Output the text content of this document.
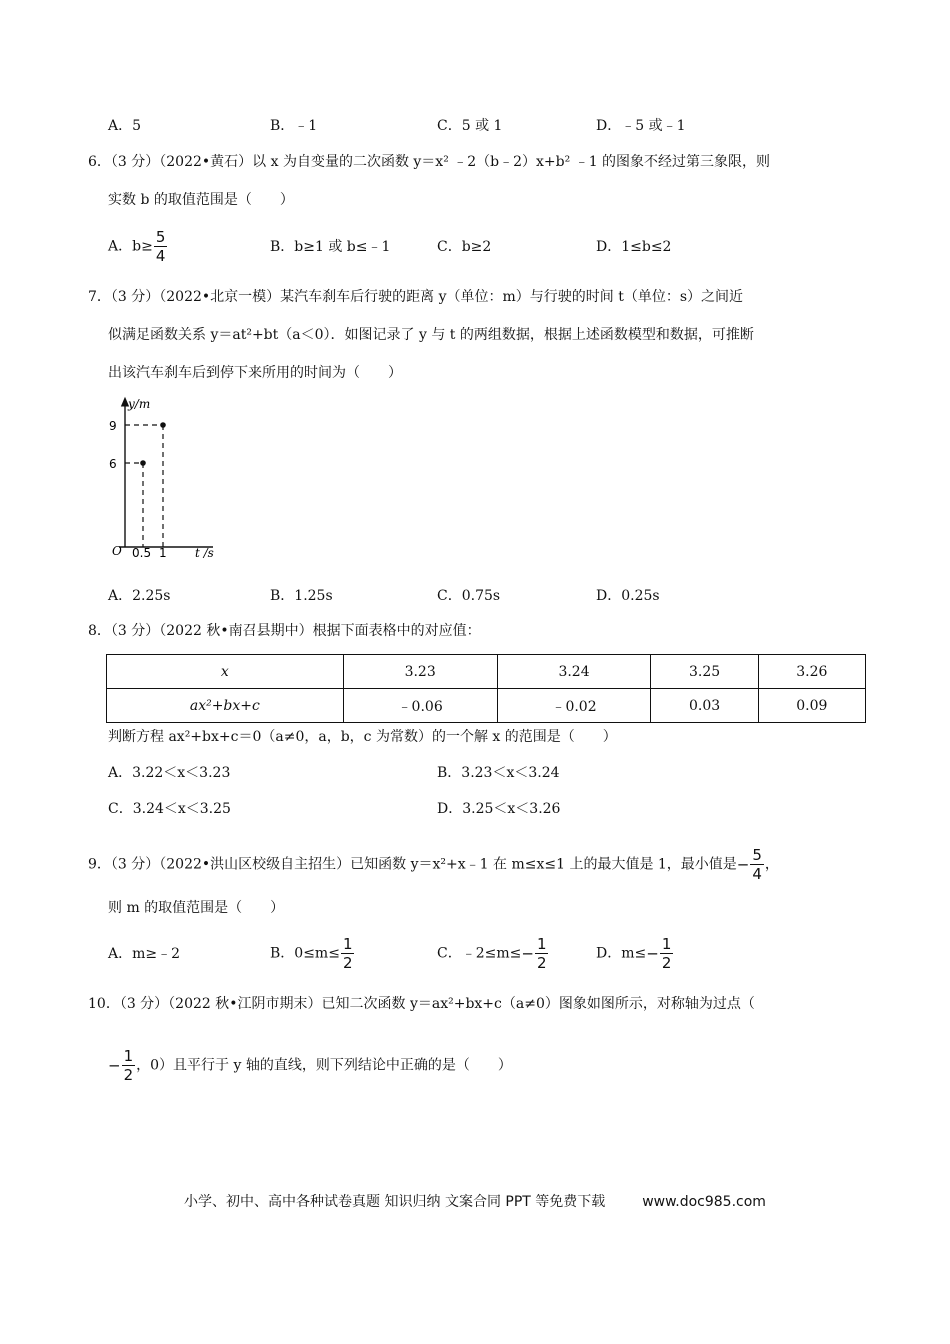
A．5	B．﹣1	C．5 或 1	D．﹣5 或﹣1
6．（3 分）（2022•黄石）以 x 为自变量的二次函数 y＝x² ﹣2（b﹣2）x+b² ﹣1 的图象不经过第三象限，则
实数 b 的取值范围是（　　）
A．$b\ge \frac{5}{4}$	B．b≥1 或 b≤﹣1	C．b≥2	D．1≤b≤2
7．（3 分）（2022•北京一模）某汽车刹车后行驶的距离 y（单位：m）与行驶的时间 t（单位：s）之间近
似满足函数关系 y＝at²+bt（a＜0）．如图记录了 y 与 t 的两组数据，根据上述函数模型和数据，可推断
出该汽车刹车后到停下来所用的时间为（　　）
y/m
9
6
O 0.5 1 t /s
A．2.25s	B．1.25s	C．0.75s	D．0.25s
8．（3 分）（2022 秋•南召县期中）根据下面表格中的对应值：
x	3.23	3.24	3.25	3.26
ax²+bx+c	﹣0.06	﹣0.02	0.03	0.09
判断方程 ax²+bx+c＝0（a≠0，a，b，c 为常数）的一个解 x 的范围是（　　）
A．3.22＜x＜3.23	B．3.23＜x＜3.24
C．3.24＜x＜3.25	D．3.25＜x＜3.26
9．（3 分）（2022•洪山区校级自主招生）已知函数 y＝x²+x﹣1 在 m≤x≤1 上的最大值是 1，最小值是− $\frac{5}{4}$ ，
则 m 的取值范围是（　　）
A．m≥﹣2	B．$0\le m\le \frac{1}{2}$	C．﹣2≤m≤− $\frac{1}{2}$	D．$m\le- \frac{1}{2}$
10．（3 分）（2022 秋•江阴市期末）已知二次函数 y＝ax²+bx+c（a≠0）图象如图所示，对称轴为过点（
− $\frac{1}{2}$ ，0）且平行于 y 轴的直线，则下列结论中正确的是（　　）
小学、初中、高中各种试卷真题 知识归纳 文案合同 PPT 等免费下载	www.doc985.com
